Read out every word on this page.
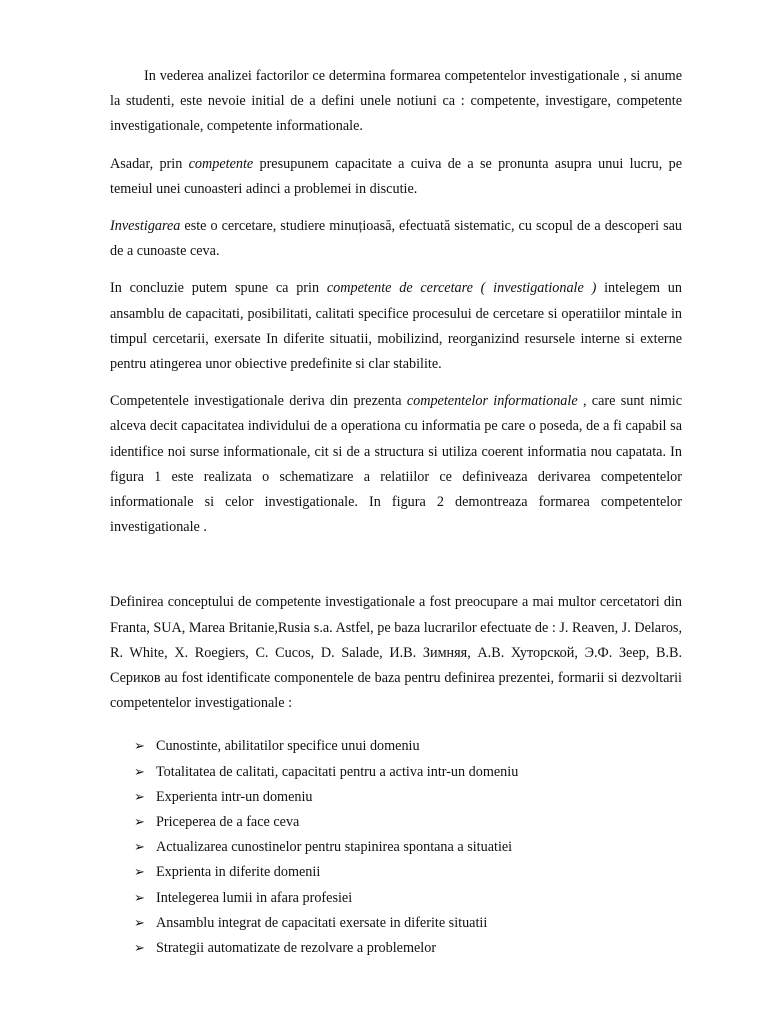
In vederea analizei factorilor ce determina formarea competentelor investigationale , si anume la studenti, este nevoie initial de a defini unele notiuni ca : competente, investigare, competente investigationale, competente informationale.

Asadar, prin competente presupunem capacitate a cuiva de a se pronunta asupra unui lucru, pe temeiul unei cunoasteri adinci a problemei in discutie.

Investigarea este o cercetare, studiere minuțioasă, efectuată sistematic, cu scopul de a descoperi sau de a cunoaste ceva.

In concluzie putem spune ca prin competente de cercetare ( investigationale ) intelegem un ansamblu de capacitati, posibilitati, calitati specifice procesului de cercetare si operatiilor mintale in timpul cercetarii, exersate In diferite situatii, mobilizind, reorganizind resursele interne si externe pentru atingerea unor obiective predefinite si clar stabilite.

Competentele investigationale deriva din prezenta competentelor informationale , care sunt nimic alceva decit capacitatea individului de a operationa cu informatia pe care o poseda, de a fi capabil sa identifice noi surse informationale, cit si de a structura si utiliza coerent informatia nou capatata. In figura 1 este realizata o schematizare a relatiilor ce definiveaza derivarea competentelor informationale si celor investigationale. In figura 2 demontreaza formarea competentelor investigationale .

Definirea conceptului de competente investigationale a fost preocupare a mai multor cercetatori din Franta, SUA, Marea Britanie,Rusia s.a. Astfel, pe baza lucrarilor efectuate de : J. Reaven, J. Delaros, R. White, X. Roegiers, C. Cucos, D. Salade, И.В. Зимняя, А.В. Хуторской, Э.Ф. Зеер, В.В. Сериков au fost identificate componentele de baza pentru definirea prezentei, formarii si dezvoltarii competentelor investigationale :

➢ Cunostinte, abilitatilor specifice unui domeniu
➢ Totalitatea de calitati, capacitati pentru a activa intr-un domeniu
➢ Experienta intr-un domeniu
➢ Priceperea de a face ceva
➢ Actualizarea cunostinelor pentru stapinirea spontana a situatiei
➢ Exprienta in diferite domenii
➢ Intelegerea lumii in afara profesiei
➢ Ansamblu integrat de capacitati exersate in diferite situatii
➢ Strategii automatizate de rezolvare a problemelor
